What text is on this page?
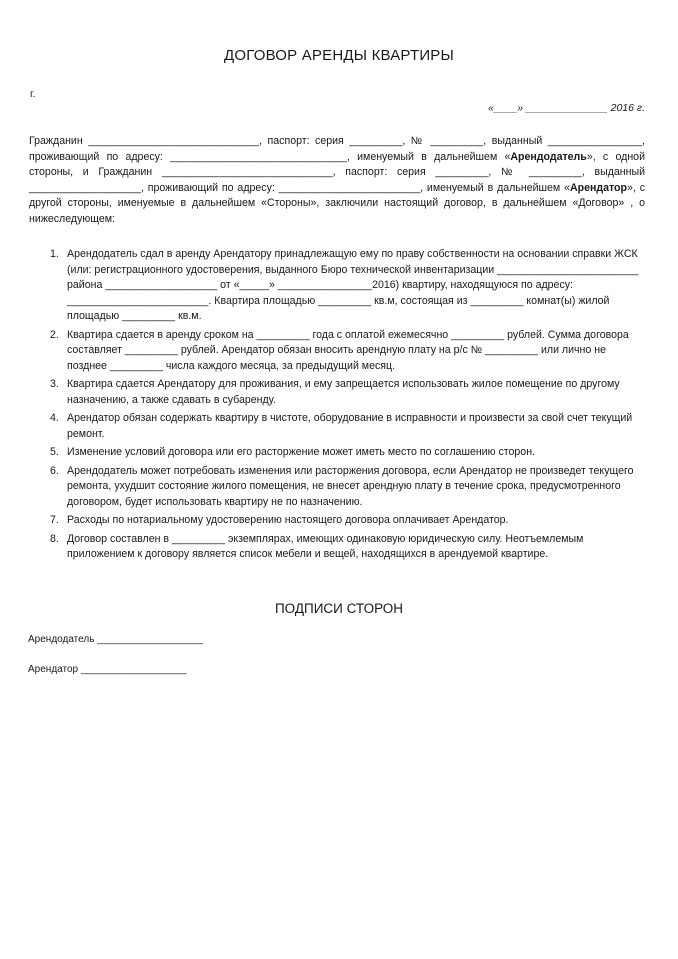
ДОГОВОР АРЕНДЫ КВАРТИРЫ
г.
«____» ______________ 2016 г.
Гражданин _____________________________, паспорт: серия _________, № _________, выданный ________________, проживающий по адресу: ______________________________, именуемый в дальнейшем «Арендодатель», с одной стороны, и Гражданин _____________________________, паспорт: серия _________, № _________, выданный ___________________, проживающий по адресу: ________________________, именуемый в дальнейшем «Арендатор», с другой стороны, именуемые в дальнейшем «Стороны», заключили настоящий договор, в дальнейшем «Договор» , о нижеследующем:
1. Арендодатель сдал в аренду Арендатору принадлежащую ему по праву собственности на основании справки ЖСК (или: регистрационного удостоверения, выданного Бюро технической инвентаризации ________________________ района ___________________ от «_____» ________________2016) квартиру, находящуюся по адресу: ________________________. Квартира площадью _________ кв.м, состоящая из _________ комнат(ы) жилой площадью _________ кв.м.
2. Квартира сдается в аренду сроком на _________ года с оплатой ежемесячно _________ рублей. Сумма договора составляет _________ рублей. Арендатор обязан вносить арендную плату на р/с № _________ или лично не позднее _________ числа каждого месяца, за предыдущий месяц.
3. Квартира сдается Арендатору для проживания, и ему запрещается использовать жилое помещение по другому назначению, а также сдавать в субаренду.
4. Арендатор обязан содержать квартиру в чистоте, оборудование в исправности и произвести за свой счет текущий ремонт.
5. Изменение условий договора или его расторжение может иметь место по соглашению сторон.
6. Арендодатель может потребовать изменения или расторжения договора, если Арендатор не произведет текущего ремонта, ухудшит состояние жилого помещения, не внесет арендную плату в течение срока, предусмотренного договором, будет использовать квартиру не по назначению.
7. Расходы по нотариальному удостоверению настоящего договора оплачивает Арендатор.
8. Договор составлен в _________ экземплярах, имеющих одинаковую юридическую силу. Неотъемлемым приложением к договору является список мебели и вещей, находящихся в арендуемой квартире.
ПОДПИСИ СТОРОН
Арендодатель ___________________
Арендатор ___________________
